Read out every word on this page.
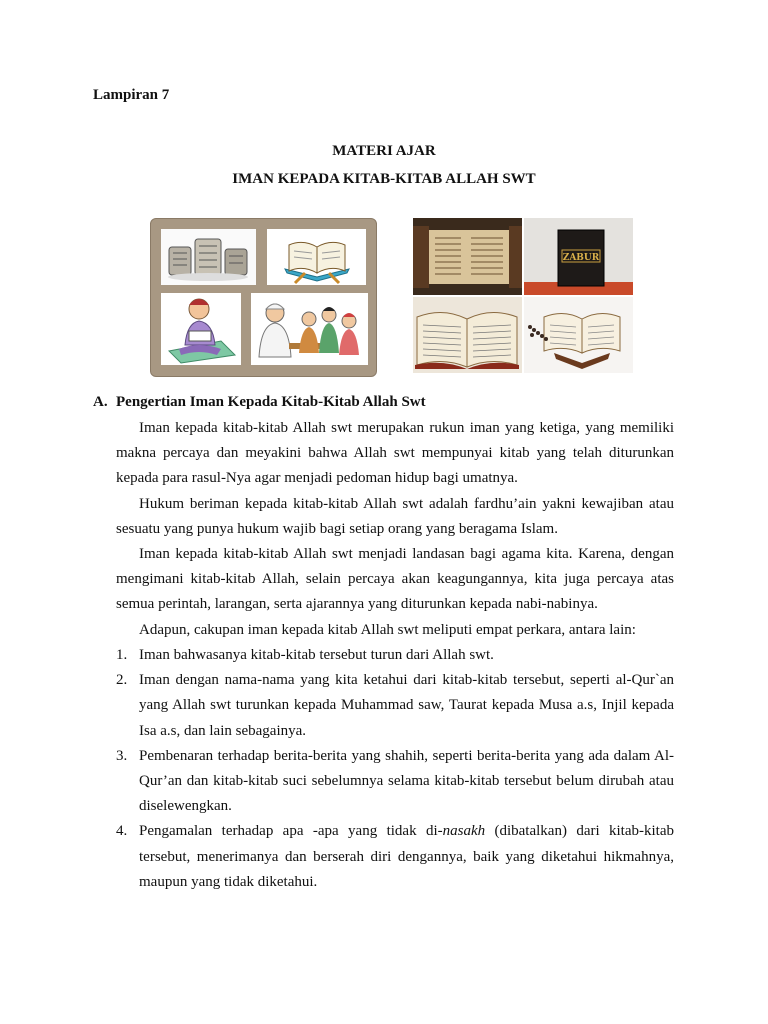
Lampiran 7
MATERI AJAR
IMAN KEPADA KITAB-KITAB ALLAH SWT
ZABUR
A. Pengertian Iman Kepada Kitab-Kitab Allah Swt

Iman kepada kitab-kitab Allah swt merupakan rukun iman yang ketiga, yang memiliki makna percaya dan meyakini bahwa Allah swt mempunyai kitab yang telah diturunkan kepada para rasul-Nya agar menjadi pedoman hidup bagi umatnya.

Hukum beriman kepada kitab-kitab Allah swt adalah fardhu’ain yakni kewajiban atau sesuatu yang punya hukum wajib bagi setiap orang yang beragama Islam.

Iman kepada kitab-kitab Allah swt menjadi landasan bagi agama kita. Karena, dengan mengimani kitab-kitab Allah, selain percaya akan keagungannya, kita juga percaya atas semua perintah, larangan, serta ajarannya yang diturunkan kepada nabi-nabinya.

Adapun, cakupan iman kepada kitab Allah swt meliputi empat perkara, antara lain:

1. Iman bahwasanya kitab-kitab tersebut turun dari Allah swt.

2. Iman dengan nama-nama yang kita ketahui dari kitab-kitab tersebut, seperti al-Qur`an yang Allah swt turunkan kepada Muhammad saw, Taurat kepada Musa a.s, Injil kepada Isa a.s, dan lain sebagainya.

3. Pembenaran terhadap berita-berita yang shahih, seperti berita-berita yang ada dalam Al-Qur’an dan kitab-kitab suci sebelumnya selama kitab-kitab tersebut belum dirubah atau diselewengkan.

4. Pengamalan terhadap apa -apa yang tidak di-nasakh (dibatalkan) dari kitab-kitab tersebut, menerimanya dan berserah diri dengannya, baik yang diketahui hikmahnya, maupun yang tidak diketahui.
